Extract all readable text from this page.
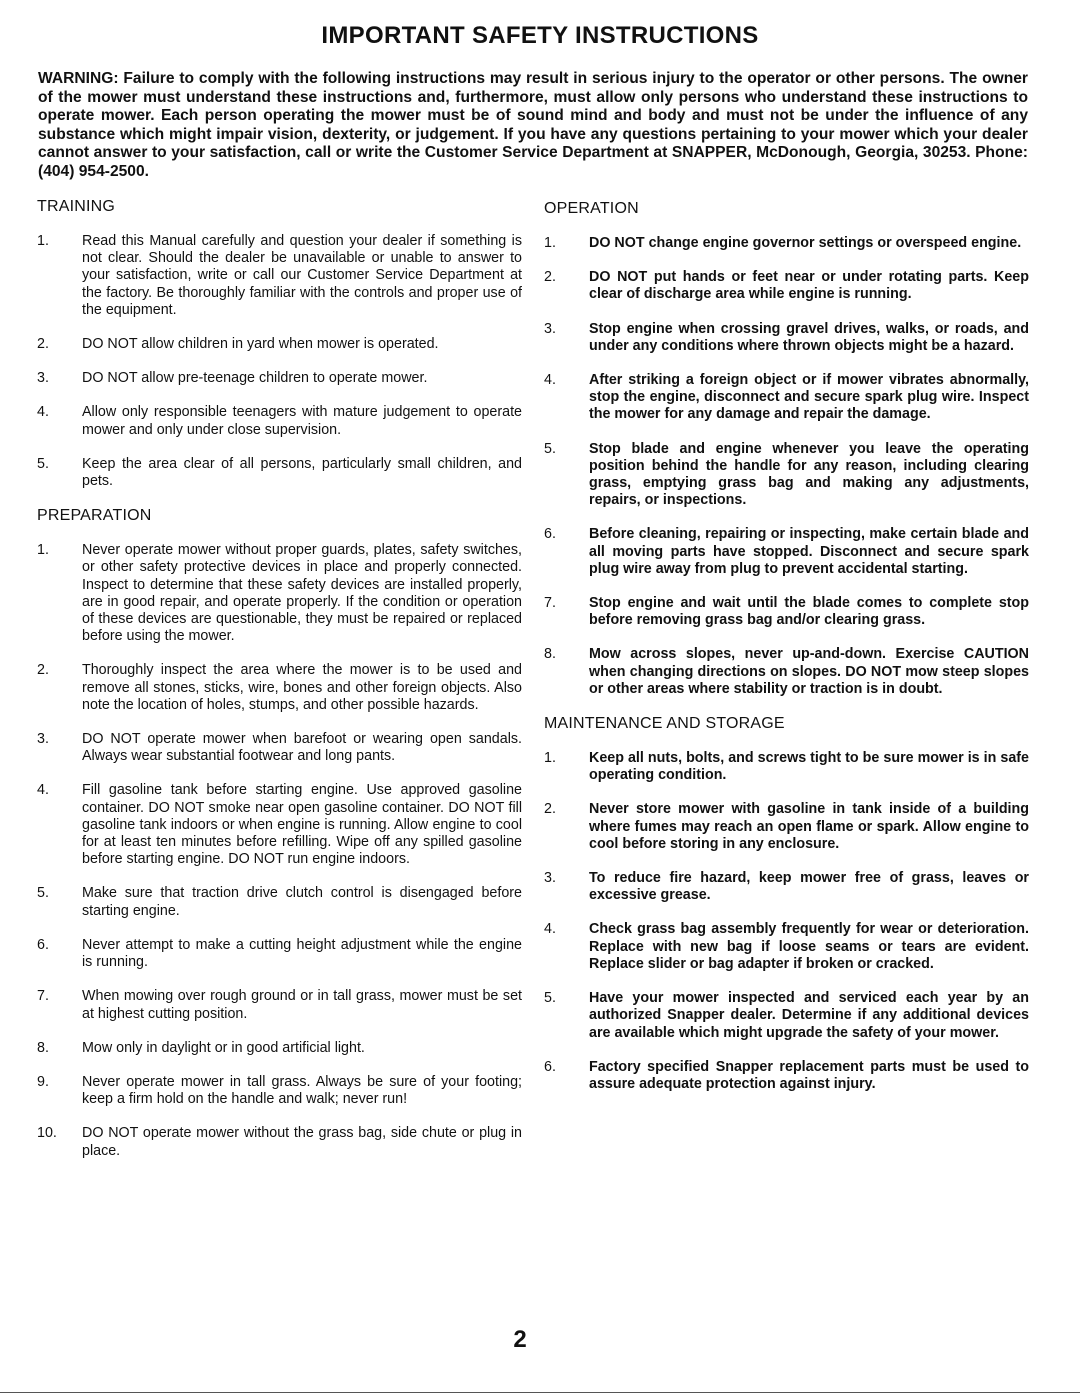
IMPORTANT SAFETY INSTRUCTIONS
WARNING: Failure to comply with the following instructions may result in serious injury to the operator or other persons. The owner of the mower must understand these instructions and, furthermore, must allow only persons who understand these instructions to operate mower. Each person operating the mower must be of sound mind and body and must not be under the influence of any substance which might impair vision, dexterity, or judgement. If you have any questions pertaining to your mower which your dealer cannot answer to your satisfaction, call or write the Customer Service Department at SNAPPER, McDonough, Georgia, 30253. Phone: (404) 954-2500.
TRAINING
1.	Read this Manual carefully and question your dealer if something is not clear. Should the dealer be unavailable or unable to answer to your satisfaction, write or call our Customer Service Department at the factory. Be thoroughly familiar with the controls and proper use of the equipment.
2.	DO NOT allow children in yard when mower is operated.
3.	DO NOT allow pre-teenage children to operate mower.
4.	Allow only responsible teenagers with mature judgement to operate mower and only under close supervision.
5.	Keep the area clear of all persons, particularly small children, and pets.
PREPARATION
1.	Never operate mower without proper guards, plates, safety switches, or other safety protective devices in place and properly connected. Inspect to determine that these safety devices are installed properly, are in good repair, and operate properly. If the condition or operation of these devices are questionable, they must be repaired or replaced before using the mower.
2.	Thoroughly inspect the area where the mower is to be used and remove all stones, sticks, wire, bones and other foreign objects. Also note the location of holes, stumps, and other possible hazards.
3.	DO NOT operate mower when barefoot or wearing open sandals. Always wear substantial footwear and long pants.
4.	Fill gasoline tank before starting engine. Use approved gasoline container. DO NOT smoke near open gasoline container. DO NOT fill gasoline tank indoors or when engine is running. Allow engine to cool for at least ten minutes before refilling. Wipe off any spilled gasoline before starting engine. DO NOT run engine indoors.
5.	Make sure that traction drive clutch control is disengaged before starting engine.
6.	Never attempt to make a cutting height adjustment while the engine is running.
7.	When mowing over rough ground or in tall grass, mower must be set at highest cutting position.
8.	Mow only in daylight or in good artificial light.
9.	Never operate mower in tall grass. Always be sure of your footing; keep a firm hold on the handle and walk; never run!
10.	DO NOT operate mower without the grass bag, side chute or plug in place.
OPERATION
1.	DO NOT change engine governor settings or overspeed engine.
2.	DO NOT put hands or feet near or under rotating parts. Keep clear of discharge area while engine is running.
3.	Stop engine when crossing gravel drives, walks, or roads, and under any conditions where thrown objects might be a hazard.
4.	After striking a foreign object or if mower vibrates abnormally, stop the engine, disconnect and secure spark plug wire. Inspect the mower for any damage and repair the damage.
5.	Stop blade and engine whenever you leave the operating position behind the handle for any reason, including clearing grass, emptying grass bag and making any adjustments, repairs, or inspections.
6.	Before cleaning, repairing or inspecting, make certain blade and all moving parts have stopped. Disconnect and secure spark plug wire away from plug to prevent accidental starting.
7.	Stop engine and wait until the blade comes to complete stop before removing grass bag and/or clearing grass.
8.	Mow across slopes, never up-and-down. Exercise CAUTION when changing directions on slopes. DO NOT mow steep slopes or other areas where stability or traction is in doubt.
MAINTENANCE AND STORAGE
1.	Keep all nuts, bolts, and screws tight to be sure mower is in safe operating condition.
2.	Never store mower with gasoline in tank inside of a building where fumes may reach an open flame or spark. Allow engine to cool before storing in any enclosure.
3.	To reduce fire hazard, keep mower free of grass, leaves or excessive grease.
4.	Check grass bag assembly frequently for wear or deterioration. Replace with new bag if loose seams or tears are evident. Replace slider or bag adapter if broken or cracked.
5.	Have your mower inspected and serviced each year by an authorized Snapper dealer. Determine if any additional devices are available which might upgrade the safety of your mower.
6.	Factory specified Snapper replacement parts must be used to assure adequate protection against injury.
2
